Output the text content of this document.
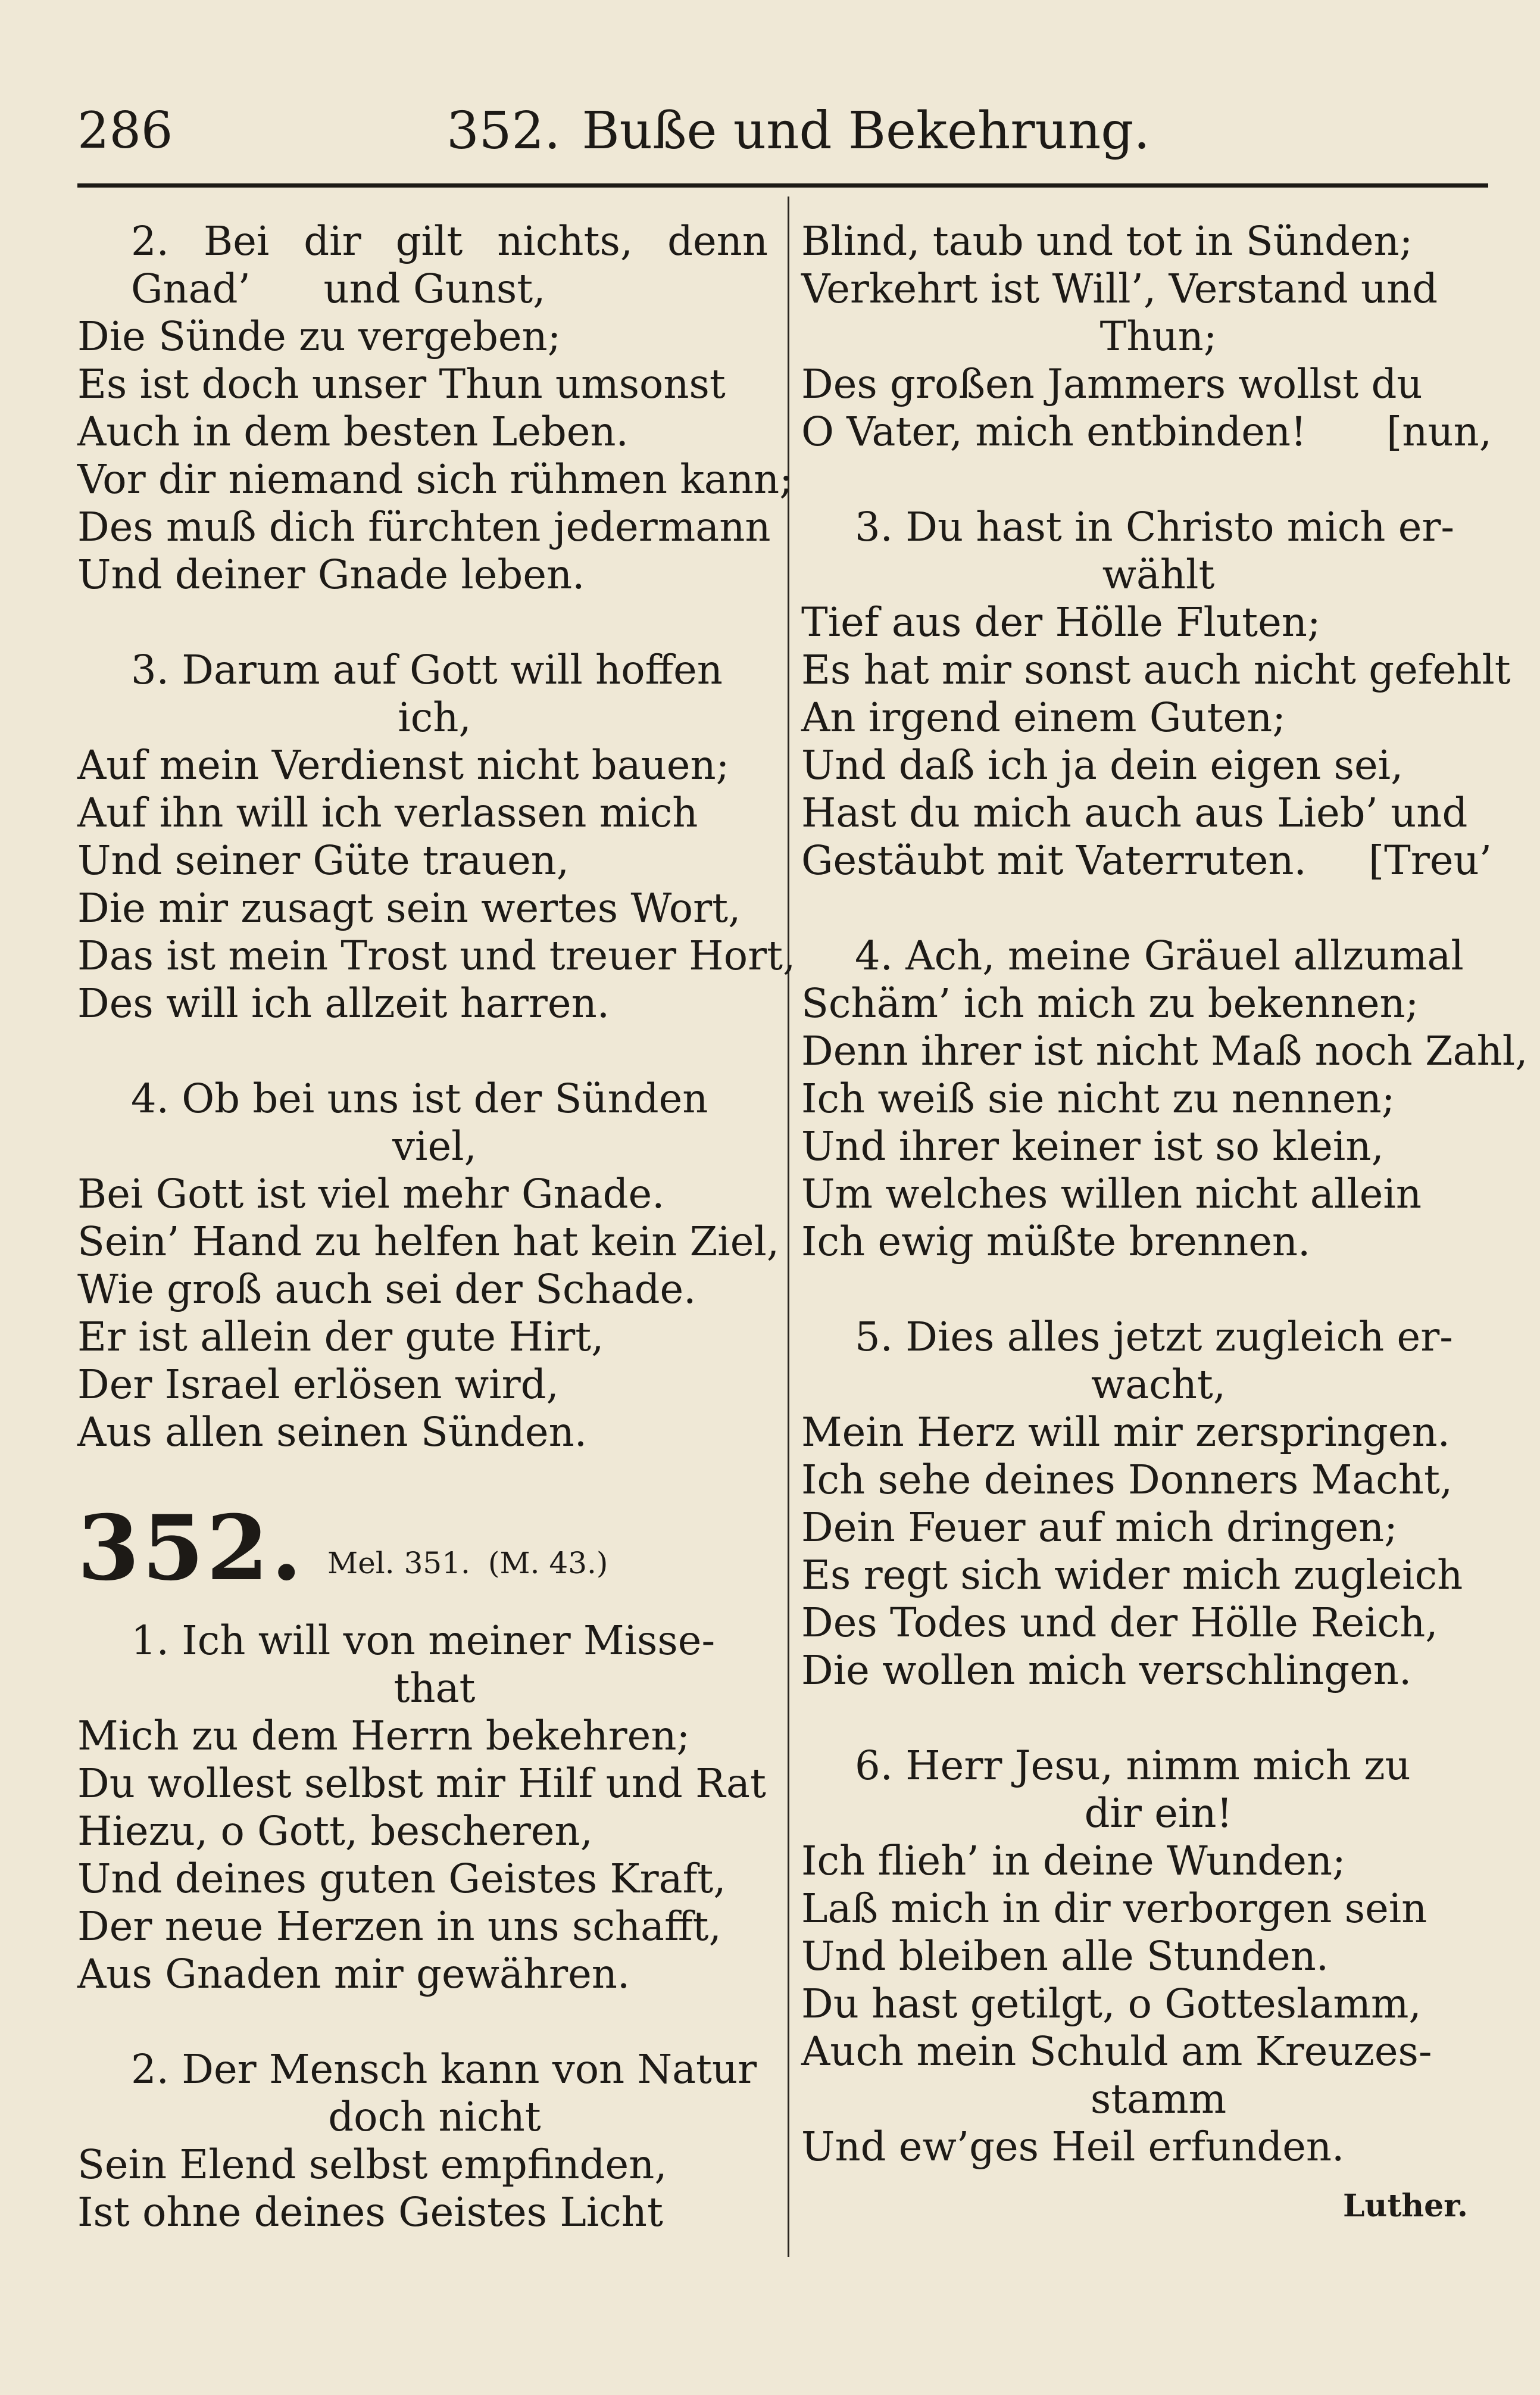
286	352. Buße und Bekehrung.
2. Bei dir gilt nichts, denn Gnad’	und Gunst,
Die Sünde zu vergeben;
Es ist doch unser Thun umsonst
Auch in dem besten Leben.
Vor dir niemand sich rühmen kann;
Des muß dich fürchten jedermann
Und deiner Gnade leben.
3. Darum auf Gott will hoffen
ich,
Auf mein Verdienst nicht bauen;
Auf ihn will ich verlassen mich
Und seiner Güte trauen,
Die mir zusagt sein wertes Wort,
Das ist mein Trost und treuer Hort,
Des will ich allzeit harren.
4. Ob bei uns ist der Sünden
viel,
Bei Gott ist viel mehr Gnade.
Sein’ Hand zu helfen hat kein Ziel,
Wie groß auch sei der Schade.
Er ist allein der gute Hirt,
Der Israel erlösen wird,
Aus allen seinen Sünden.
352. Mel. 351. (M. 43.)
1. Ich will von meiner Misse-
that
Mich zu dem Herrn bekehren;
Du wollest selbst mir Hilf und Rat
Hiezu, o Gott, bescheren,
Und deines guten Geistes Kraft,
Der neue Herzen in uns schafft,
Aus Gnaden mir gewähren.
2. Der Mensch kann von Natur
doch nicht
Sein Elend selbst empfinden,
Ist ohne deines Geistes Licht
Blind, taub und tot in Sünden;
Verkehrt ist Will’, Verstand und
Thun;
Des großen Jammers wollst du
O Vater, mich entbinden! [nun,
3. Du hast in Christo mich er-
wählt
Tief aus der Hölle Fluten;
Es hat mir sonst auch nicht gefehlt
An irgend einem Guten;
Und daß ich ja dein eigen sei,
Hast du mich auch aus Lieb’ und
Gestäubt mit Vaterruten. [Treu’
4. Ach, meine Gräuel allzumal
Schäm’ ich mich zu bekennen;
Denn ihrer ist nicht Maß noch Zahl,
Ich weiß sie nicht zu nennen;
Und ihrer keiner ist so klein,
Um welches willen nicht allein
Ich ewig müßte brennen.
5. Dies alles jetzt zugleich er-
wacht,
Mein Herz will mir zerspringen.
Ich sehe deines Donners Macht,
Dein Feuer auf mich dringen;
Es regt sich wider mich zugleich
Des Todes und der Hölle Reich,
Die wollen mich verschlingen.
6. Herr Jesu, nimm mich zu
dir ein!
Ich flieh’ in deine Wunden;
Laß mich in dir verborgen sein
Und bleiben alle Stunden.
Du hast getilgt, o Gotteslamm,
Auch mein Schuld am Kreuzes-
stamm
Und ew’ges Heil erfunden.
Luther.
